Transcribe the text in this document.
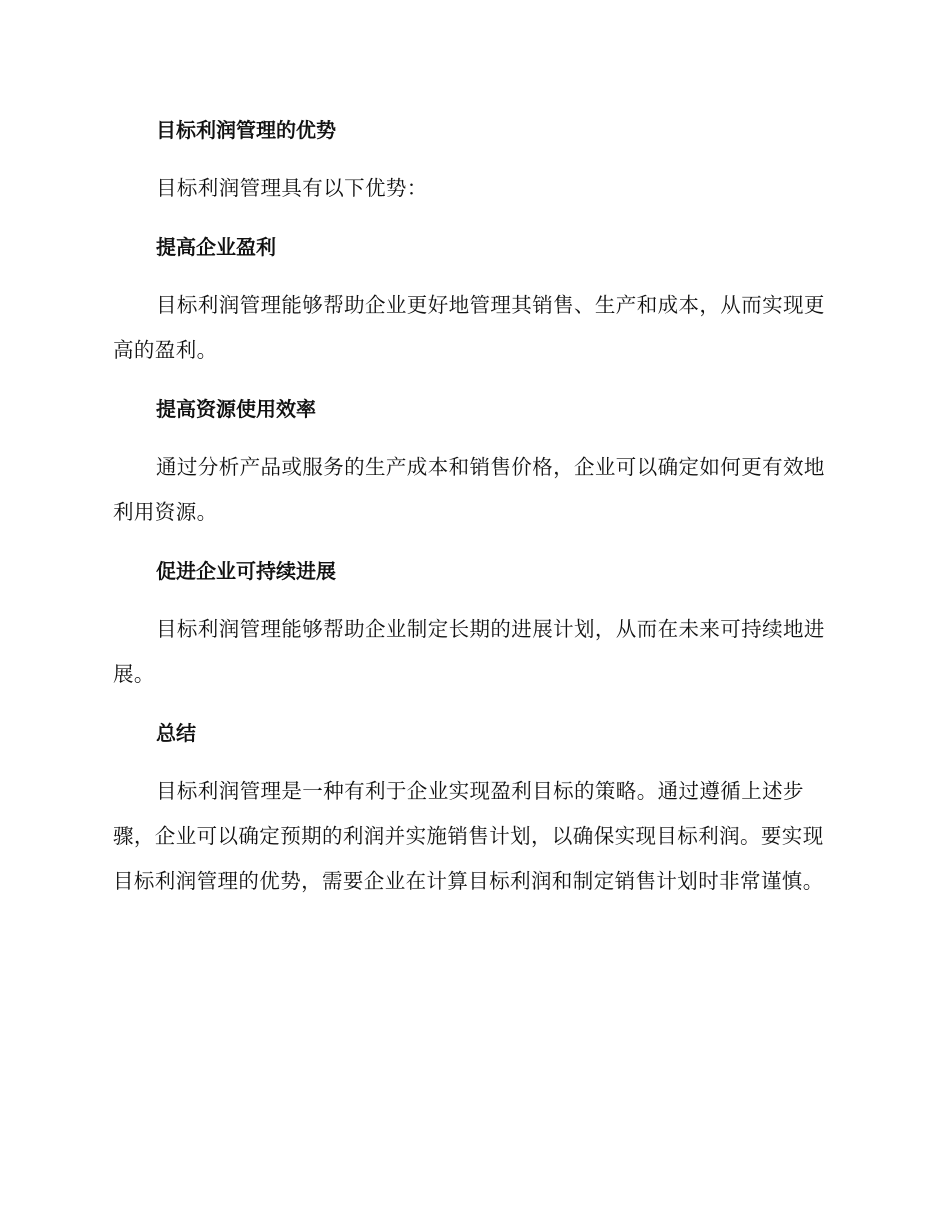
目标利润管理的优势
目标利润管理具有以下优势：
提高企业盈利
目标利润管理能够帮助企业更好地管理其销售、生产和成本，从而实现更高的盈利。
提高资源使用效率
通过分析产品或服务的生产成本和销售价格，企业可以确定如何更有效地利用资源。
促进企业可持续进展
目标利润管理能够帮助企业制定长期的进展计划，从而在未来可持续地进展。
总结
目标利润管理是一种有利于企业实现盈利目标的策略。通过遵循上述步骤，企业可以确定预期的利润并实施销售计划，以确保实现目标利润。要实现目标利润管理的优势，需要企业在计算目标利润和制定销售计划时非常谨慎。
